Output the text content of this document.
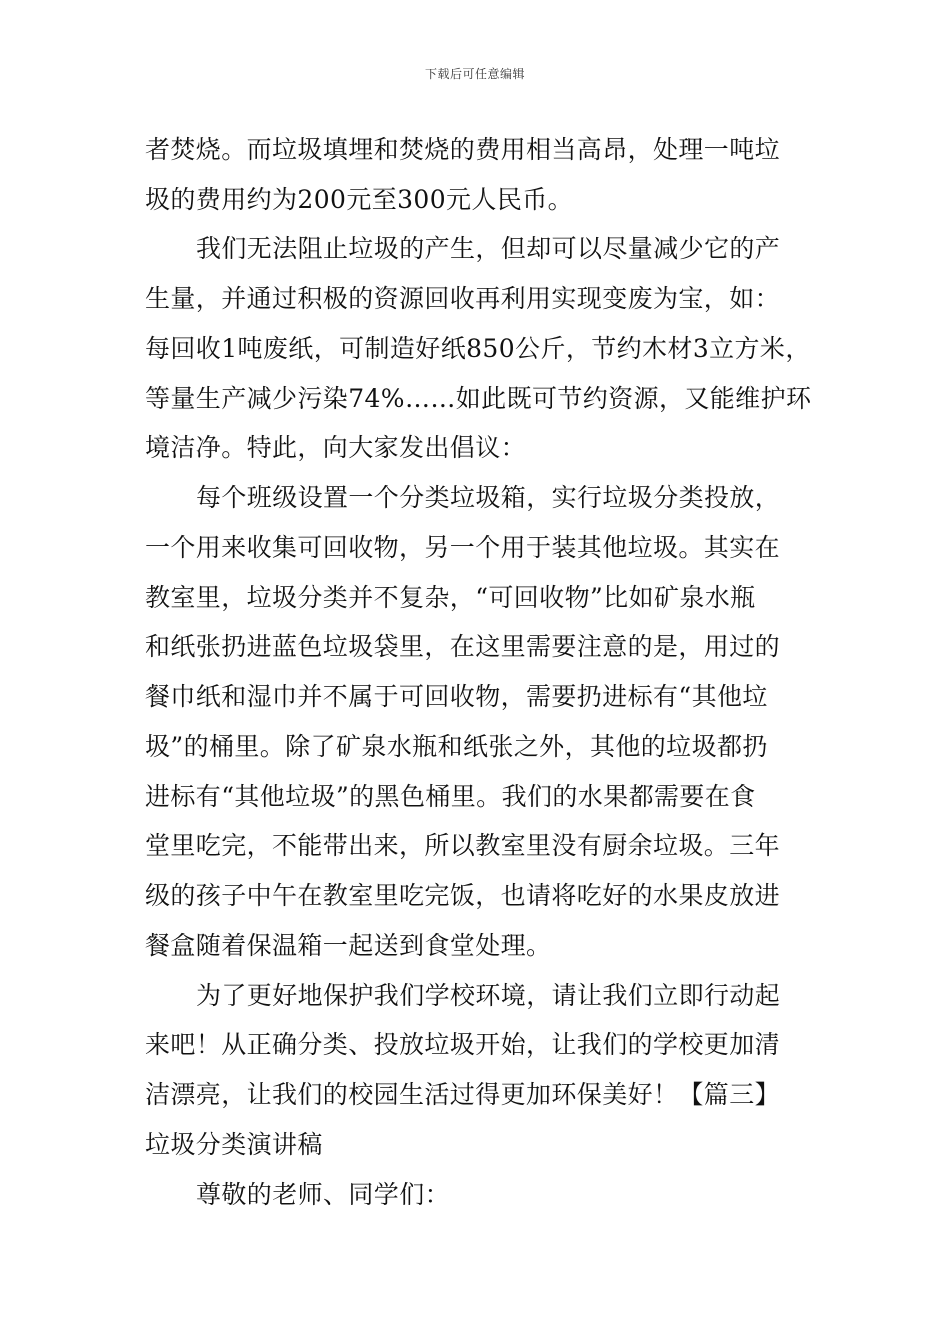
下载后可任意编辑
者焚烧。而垃圾填埋和焚烧的费用相当高昂，处理一吨垃
圾的费用约为200元至300元人民币。
我们无法阻止垃圾的产生，但却可以尽量减少它的产
生量，并通过积极的资源回收再利用实现变废为宝，如：
每回收1吨废纸，可制造好纸850公斤，节约木材3立方米，
等量生产减少污染74%……如此既可节约资源，又能维护环
境洁净。特此，向大家发出倡议：
每个班级设置一个分类垃圾箱，实行垃圾分类投放，
一个用来收集可回收物，另一个用于装其他垃圾。其实在
教室里，垃圾分类并不复杂，“可回收物”比如矿泉水瓶
和纸张扔进蓝色垃圾袋里，在这里需要注意的是，用过的
餐巾纸和湿巾并不属于可回收物，需要扔进标有“其他垃
圾”的桶里。除了矿泉水瓶和纸张之外，其他的垃圾都扔
进标有“其他垃圾”的黑色桶里。我们的水果都需要在食
堂里吃完，不能带出来，所以教室里没有厨余垃圾。三年
级的孩子中午在教室里吃完饭，也请将吃好的水果皮放进
餐盒随着保温箱一起送到食堂处理。
为了更好地保护我们学校环境，请让我们立即行动起
来吧！从正确分类、投放垃圾开始，让我们的学校更加清
洁漂亮，让我们的校园生活过得更加环保美好！【篇三】
垃圾分类演讲稿
尊敬的老师、同学们：
